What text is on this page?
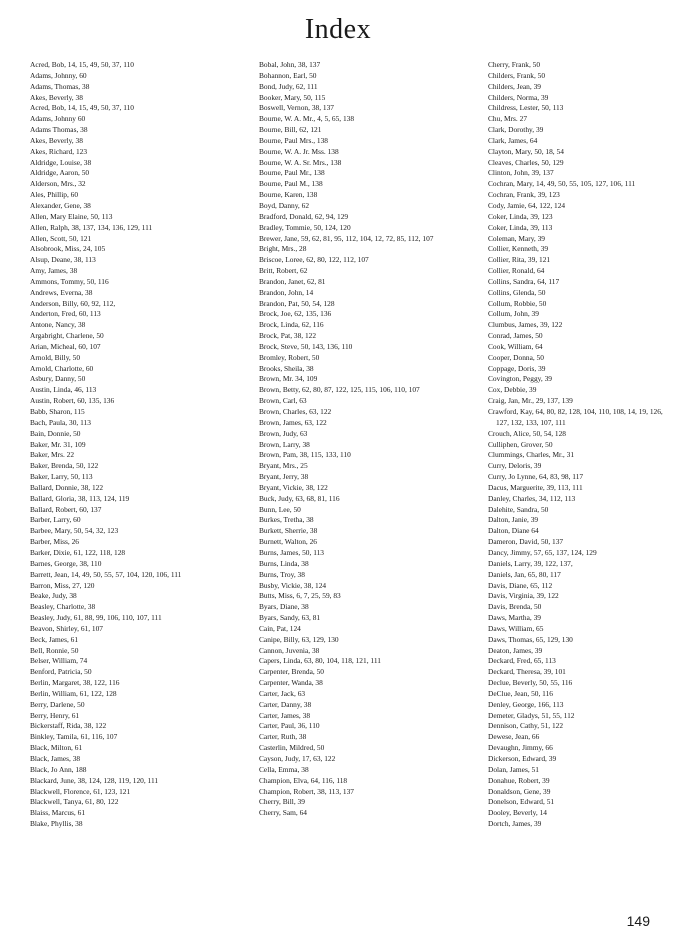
Index
Acred, Bob, 14, 15, 49, 50, 37, 110
Adams, Johnny, 60
Adams, Thomas, 38
Akes, Beverly, 38
Acred, Bob, 14, 15, 49, 50, 37, 110
Adams, Johnny 60
Adams Thomas, 38
Akes, Beverly, 38
Akes, Richard, 123
Aldridge, Louise, 38
Aldridge, Aaron, 50
Alderson, Mrs., 32
Ales, Phillip, 60
Alexander, Gene, 38
Allen, Mary Elaine, 50, 113
Allen, Ralph, 38, 137, 134, 136, 129, 111
Allen, Scott, 50, 121
Alsobrook, Miss, 24, 105
Alsup, Deane, 38, 113
Amy, James, 38
Ammons, Tommy, 50, 116
Andrews, Everna, 38
Anderson, Billy, 60, 92, 112,
Anderton, Fred, 60, 113
Antone, Nancy, 38
Argabright, Charlene, 50
Arian, Micheal, 60, 107
Arnold, Billy, 50
Arnold, Charlotte, 60
Asbury, Danny, 50
Austin, Linda, 46, 113
Austin, Robert, 60, 135, 136
Babb, Sharon, 115
Bach, Paula, 30, 113
Bain, Donnie, 50
Baker, Mr. 31, 109
Baker, Mrs. 22
Baker, Brenda, 50, 122
Baker, Larry, 50, 113
Ballard, Donnie, 38, 122
Ballard, Gloria, 38, 113, 124, 119
Ballard, Robert, 60, 137
Barber, Larry, 60
Barbee, Mary, 50, 54, 32, 123
Barber, Miss, 26
Barker, Dixie, 61, 122, 118, 128
Barnes, George, 38, 110
Barrett, Jean, 14, 49, 50, 55, 57, 104, 120, 106, 111
Barron, Miss, 27, 120
Beake, Judy, 38
Beasley, Charlotte, 38
Beasley, Judy, 61, 88, 99, 106, 110, 107, 111
Beavon, Shirley, 61, 107
Beck, James, 61
Bell, Ronnie, 50
Belser, William, 74
Benford, Patricia, 50
Berlin, Margaret, 38, 122, 116
Berlin, William, 61, 122, 128
Berry, Darlene, 50
Berry, Henry, 61
Bickerstaff, Rida, 38, 122
Binkley, Tamila, 61, 116, 107
Black, Milton, 61
Black, James, 38
Black, Jo Ann, 188
Blackard, June, 38, 124, 128, 119, 120, 111
Blackwell, Florence, 61, 123, 121
Blackwell, Tanya, 61, 80, 122
Blaiss, Marcus, 61
Blake, Phyllis, 38
Bobal, John, 38, 137
Bohannon, Earl, 50
Bond, Judy, 62, 111
Booker, Mary, 50, 115
Boswell, Vernon, 38, 137
Bourne, W. A. Mr., 4, 5, 65, 138
Bourne, Bill, 62, 121
Bourne, Paul Mrs., 138
Bourne, W. A. Jr. Mss. 138
Bourne, W. A. Sr. Mrs., 138
Bourne, Paul Mr., 138
Bourne, Paul M., 138
Bourne, Karen, 138
Boyd, Danny, 62
Bradford, Donald, 62, 94, 129
Bradley, Tommie, 50, 124, 120
Brewer, Jane, 59, 62, 81, 95, 112, 104, 12, 72, 85, 112, 107
Bright, Mrs., 28
Briscoe, Loree, 62, 80, 122, 112, 107
Britt, Robert, 62
Brandon, Janet, 62, 81
Brandon, John, 14
Brandon, Pat, 50, 54, 128
Brock, Joe, 62, 135, 136
Brock, Linda, 62, 116
Brock, Pat, 38, 122
Brock, Steve, 50, 143, 136, 110
Bromley, Robert, 50
Brooks, Sheila, 38
Brown, Mr. 34, 109
Brown, Betty, 62, 80, 87, 122, 125, 115, 106, 110, 107
Brown, Carl, 63
Brown, Charles, 63, 122
Brown, James, 63, 122
Brown, Judy, 63
Brown, Larry, 38
Brown, Pam, 38, 115, 133, 110
Bryant, Mrs., 25
Bryant, Jerry, 38
Bryant, Vickie, 38, 122
Buck, Judy, 63, 68, 81, 116
Bunn, Lee, 50
Burkes, Tretha, 38
Burkett, Sherrie, 38
Burnett, Walton, 26
Burns, James, 50, 113
Burns, Linda, 38
Burns, Troy, 38
Busby, Vickie, 38, 124
Butts, Miss, 6, 7, 25, 59, 83
Byars, Diane, 38
Byars, Sandy, 63, 81
Cain, Pat, 124
Canipe, Billy, 63, 129, 130
Cannon, Juvenia, 38
Capers, Linda, 63, 80, 104, 118, 121, 111
Carpenter, Brenda, 50
Carpenter, Wanda, 38
Carter, Jack, 63
Carter, Danny, 38
Carter, James, 38
Carter, Paul, 36, 110
Carter, Ruth, 38
Casterlin, Mildred, 50
Cayson, Judy, 17, 63, 122
Cella, Emma, 38
Champion, Elva, 64, 116, 118
Champion, Robert, 38, 113, 137
Cherry, Bill, 39
Cherry, Sam, 64
Cherry, Frank, 50
Childers, Frank, 50
Childers, Jean, 39
Childers, Norma, 39
Childress, Lester, 50, 113
Chu, Mrs. 27
Clark, Dorothy, 39
Clark, James, 64
Clayton, Mary, 50, 18, 54
Cleaves, Charles, 50, 129
Clinton, John, 39, 137
Cochran, Mary, 14, 49, 50, 55, 105, 127, 106, 111
Cochran, Frank, 39, 123
Cody, Jamie, 64, 122, 124
Coker, Linda, 39, 123
Coker, Linda, 39, 113
Coleman, Mary, 39
Collier, Kenneth, 39
Collier, Rita, 39, 121
Collier, Ronald, 64
Collins, Sandra, 64, 117
Collins, Glenda, 50
Collum, Robbie, 50
Collum, John, 39
Clumbus, James, 39, 122
Conrad, James, 50
Cook, William, 64
Cooper, Donna, 50
Coppage, Doris, 39
Covington, Peggy, 39
Cox, Debbie, 39
Craig, Jan, Mr., 29, 137, 139
Crawford, Kay, 64, 80, 82, 128, 104, 110, 108, 14, 19, 126, 127, 132, 133, 107, 111
Crouch, Alice, 50, 54, 128
Culliphen, Grover, 50
Clummings, Charles, Mr., 31
Curry, Deloris, 39
Curry, Jo Lynne, 64, 83, 98, 117
Dacus, Marguerite, 39, 113, 111
Danley, Charles, 34, 112, 113
Dalehite, Sandra, 50
Dalton, Janie, 39
Dalton, Diane 64
Dameron, David, 50, 137
Dancy, Jimmy, 57, 65, 137, 124, 129
Daniels, Larry, 39, 122, 137,
Daniels, Jan, 65, 80, 117
Davis, Diane, 65, 112
Davis, Virginia, 39, 122
Davis, Brenda, 50
Daws, Martha, 39
Daws, William, 65
Daws, Thomas, 65, 129, 130
Deaton, James, 39
Deckard, Fred, 65, 113
Deckard, Theresa, 39, 101
Declue, Beverly, 50, 55, 116
DeClue, Jean, 50, 116
Denley, George, 166, 113
Demeter, Gladys, 51, 55, 112
Dennison, Cathy, 51, 122
Dewese, Jean, 66
Devaughn, Jimmy, 66
Dickerson, Edward, 39
Dolan, James, 51
Donahue, Robert, 39
Donaldson, Gene, 39
Donelson, Edward, 51
Dooley, Beverly, 14
Dortch, James, 39
149
